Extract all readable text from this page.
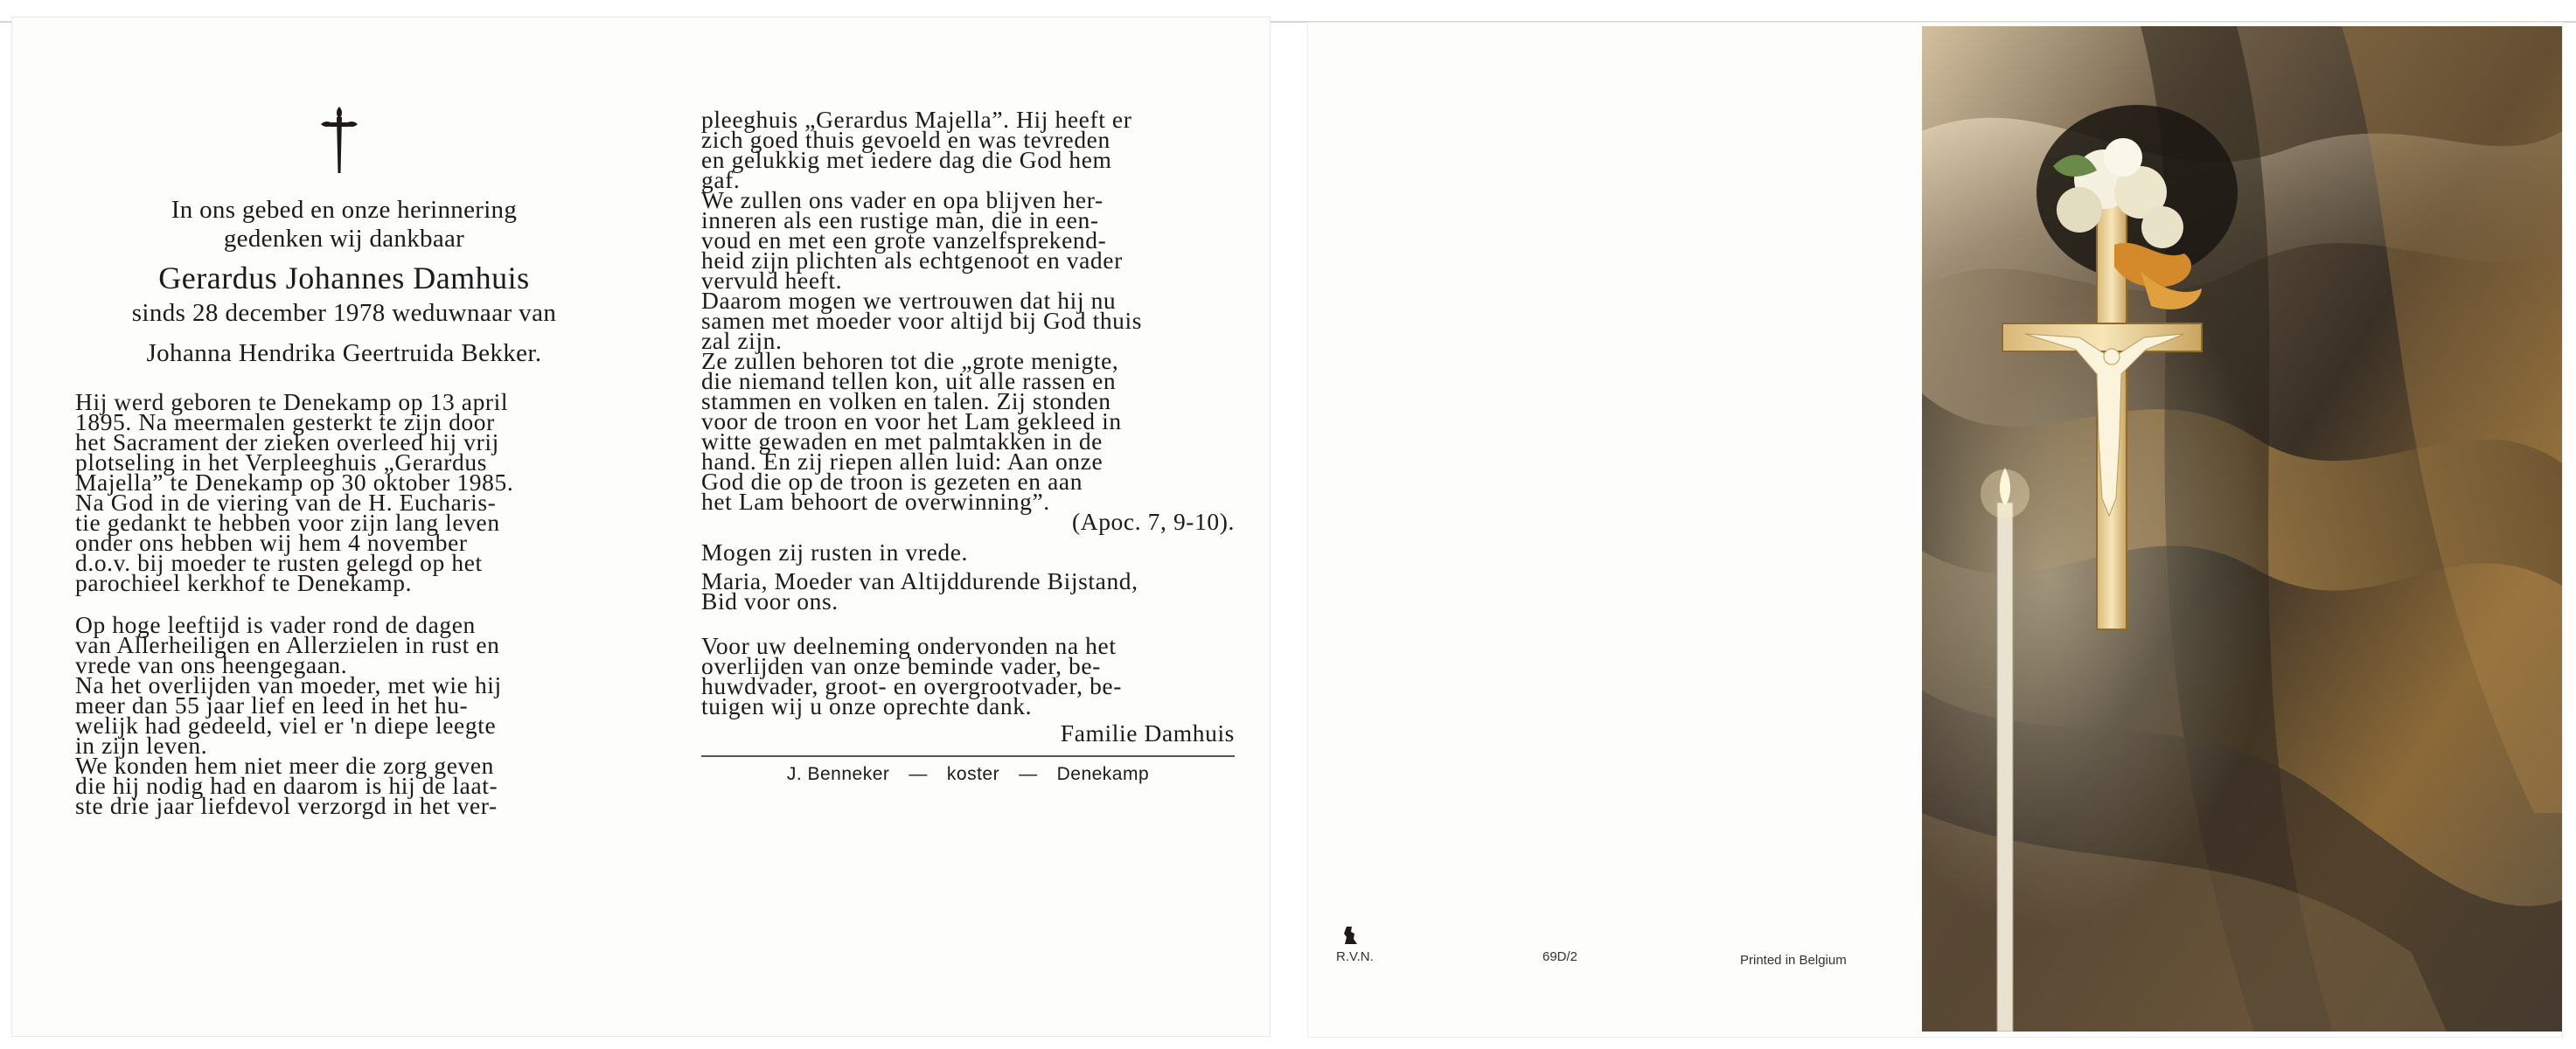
In ons gebed en onze herinnering
gedenken wij dankbaar
Gerardus Johannes Damhuis
sinds 28 december 1978 weduwnaar van
Johanna Hendrika Geertruida Bekker.

Hij werd geboren te Denekamp op 13 april

1895. Na meermalen gesterkt te zijn door

het Sacrament der zieken overleed hij vrij

plotseling in het Verpleeghuis „Gerardus

Majella” te Denekamp op 30 oktober 1985.

Na God in de viering van de H. Eucharis-

tie gedankt te hebben voor zijn lang leven

onder ons hebben wij hem 4 november

d.o.v. bij moeder te rusten gelegd op het

parochieel kerkhof te Denekamp.

Op hoge leeftijd is vader rond de dagen

van Allerheiligen en Allerzielen in rust en

vrede van ons heengegaan.

Na het overlijden van moeder, met wie hij

meer dan 55 jaar lief en leed in het hu-

welijk had gedeeld, viel er 'n diepe leegte

in zijn leven.

We konden hem niet meer die zorg geven

die hij nodig had en daarom is hij de laat-

ste drie jaar liefdevol verzorgd in het ver-

pleeghuis „Gerardus Majella”. Hij heeft er

zich goed thuis gevoeld en was tevreden

en gelukkig met iedere dag die God hem

gaf.

We zullen ons vader en opa blijven her-

inneren als een rustige man, die in een-

voud en met een grote vanzelfsprekend-

heid zijn plichten als echtgenoot en vader

vervuld heeft.

Daarom mogen we vertrouwen dat hij nu

samen met moeder voor altijd bij God thuis

zal zijn.

Ze zullen behoren tot die „grote menigte,

die niemand tellen kon, uit alle rassen en

stammen en volken en talen. Zij stonden

voor de troon en voor het Lam gekleed in

witte gewaden en met palmtakken in de

hand. En zij riepen allen luid: Aan onze

God die op de troon is gezeten en aan

het Lam behoort de overwinning”.

(Apoc. 7, 9-10).

Mogen zij rusten in vrede.

Maria, Moeder van Altijddurende Bijstand,

Bid voor ons.

Voor uw deelneming ondervonden na het

overlijden van onze beminde vader, be-

huwdvader, groot- en overgrootvader, be-

tuigen wij u onze oprechte dank.

Familie Damhuis

J. Benneker — koster — Denekamp
R.V.N.	69D/2	Printed in Belgium
